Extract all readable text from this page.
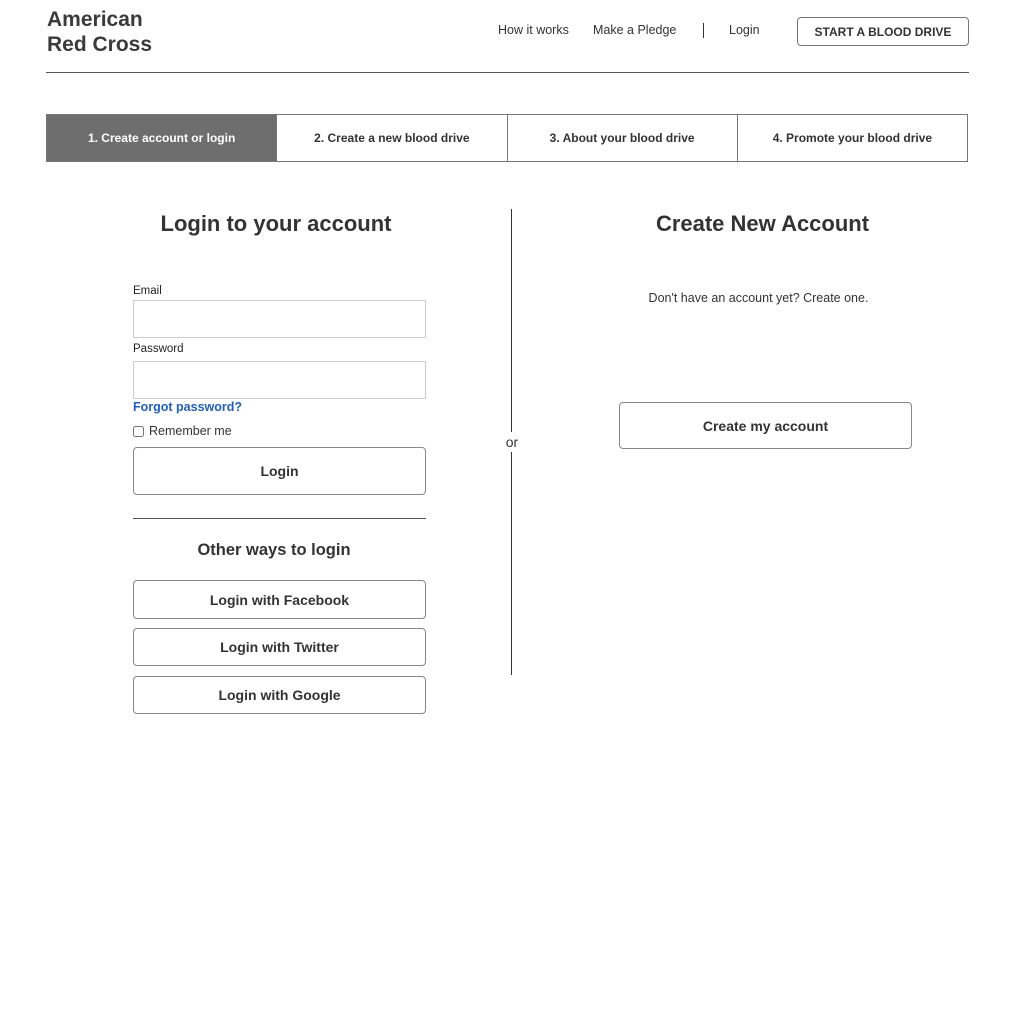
American
Red Cross
How it works Make a Pledge	Login	START A BLOOD DRIVE
1. Create account or login	2. Create a new blood drive	3. About your blood drive	4. Promote your blood drive
Login to your account
Email
Password
Forgot password?
Remember me
Login
Other ways to login
Login with Facebook
Login with Twitter
Login with Google
or
Create New Account

Don't have an account yet? Create one.

Create my account
